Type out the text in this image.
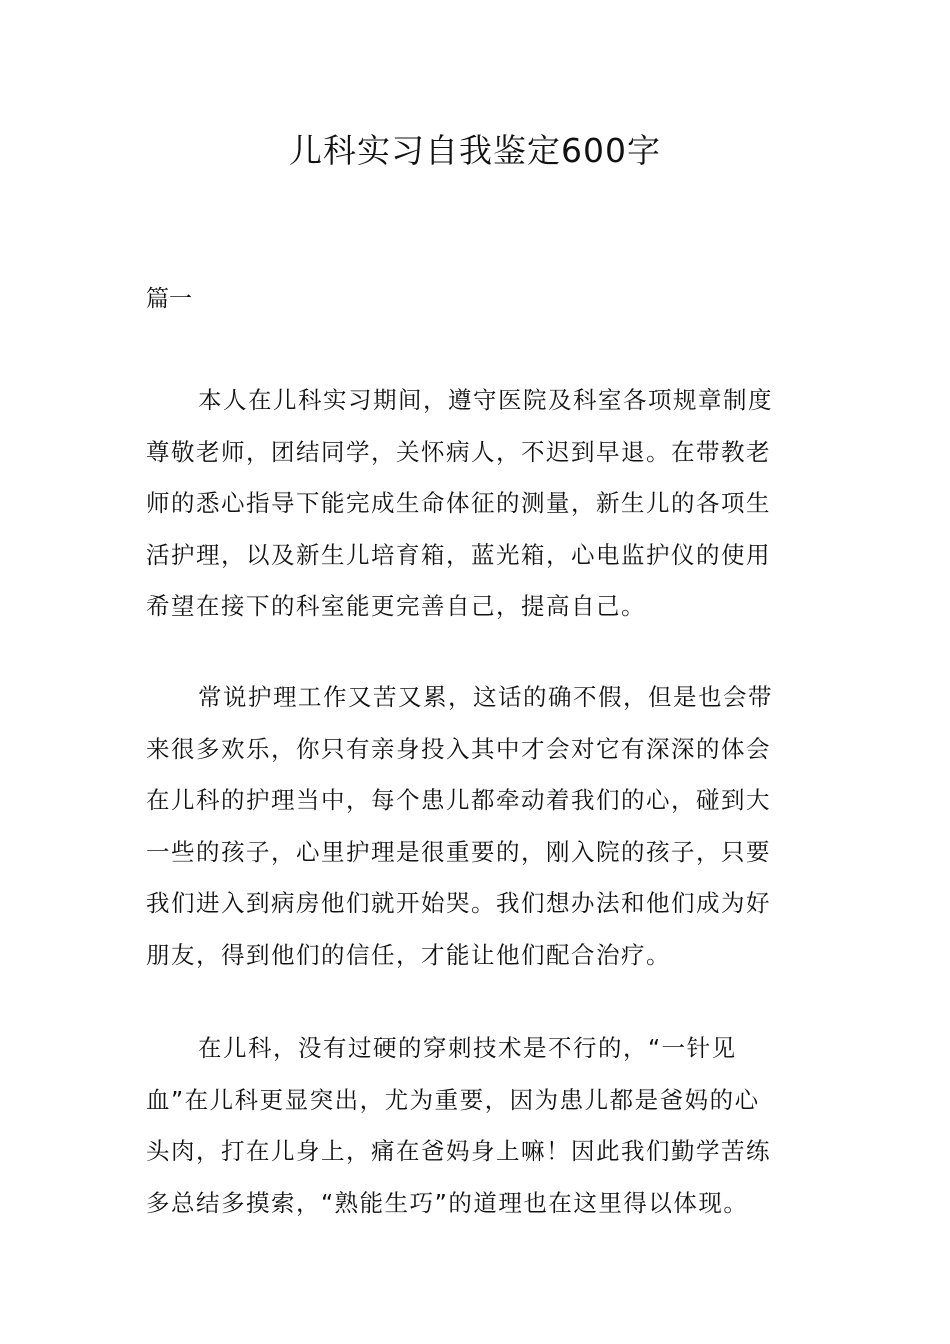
儿科实习自我鉴定600字

篇一

本人在儿科实习期间，遵守医院及科室各项规章制度
尊敬老师，团结同学，关怀病人，不迟到早退。在带教老
师的悉心指导下能完成生命体征的测量，新生儿的各项生
活护理，以及新生儿培育箱，蓝光箱，心电监护仪的使用
希望在接下的科室能更完善自己，提高自己。
常说护理工作又苦又累，这话的确不假，但是也会带
来很多欢乐，你只有亲身投入其中才会对它有深深的体会
在儿科的护理当中，每个患儿都牵动着我们的心，碰到大
一些的孩子，心里护理是很重要的，刚入院的孩子，只要
我们进入到病房他们就开始哭。我们想办法和他们成为好
朋友，得到他们的信任，才能让他们配合治疗。
在儿科，没有过硬的穿刺技术是不行的，“一针见
血”在儿科更显突出，尤为重要，因为患儿都是爸妈的心
头肉，打在儿身上，痛在爸妈身上嘛！因此我们勤学苦练
多总结多摸索，“熟能生巧”的道理也在这里得以体现。
